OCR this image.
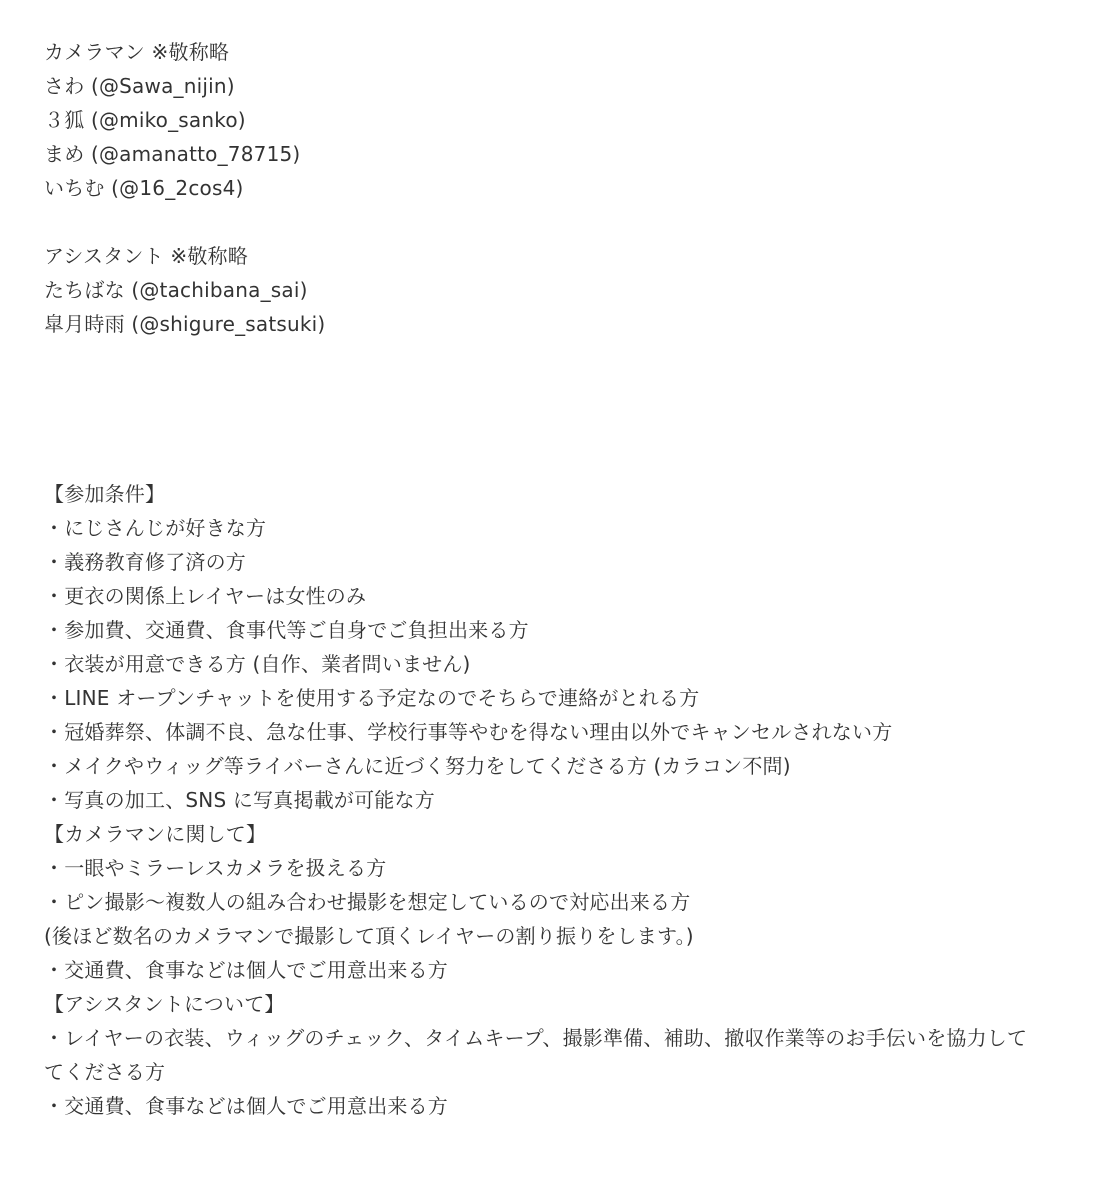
カメラマン ※敬称略
さわ (@Sawa_nijin)
３狐 (@miko_sanko)
まめ (@amanatto_78715)
いちむ (@16_2cos4)
アシスタント ※敬称略
たちばな (@tachibana_sai)
皐月時雨 (@shigure_satsuki)
【参加条件】
・にじさんじが好きな方
・義務教育修了済の方
・更衣の関係上レイヤーは女性のみ
・参加費、交通費、食事代等ご自身でご負担出来る方
・衣装が用意できる方 (自作、業者問いません)
・LINE オープンチャットを使用する予定なのでそちらで連絡がとれる方
・冠婚葬祭、体調不良、急な仕事、学校行事等やむを得ない理由以外でキャンセルされない方
・メイクやウィッグ等ライバーさんに近づく努力をしてくださる方 (カラコン不問)
・写真の加工、SNS に写真掲載が可能な方
【カメラマンに関して】
・一眼やミラーレスカメラを扱える方
・ピン撮影〜複数人の組み合わせ撮影を想定しているので対応出来る方
(後ほど数名のカメラマンで撮影して頂くレイヤーの割り振りをします。)
・交通費、食事などは個人でご用意出来る方
【アシスタントについて】
・レイヤーの衣装、ウィッグのチェック、タイムキープ、撮影準備、補助、撤収作業等のお手伝いを協力して
てくださる方
・交通費、食事などは個人でご用意出来る方
